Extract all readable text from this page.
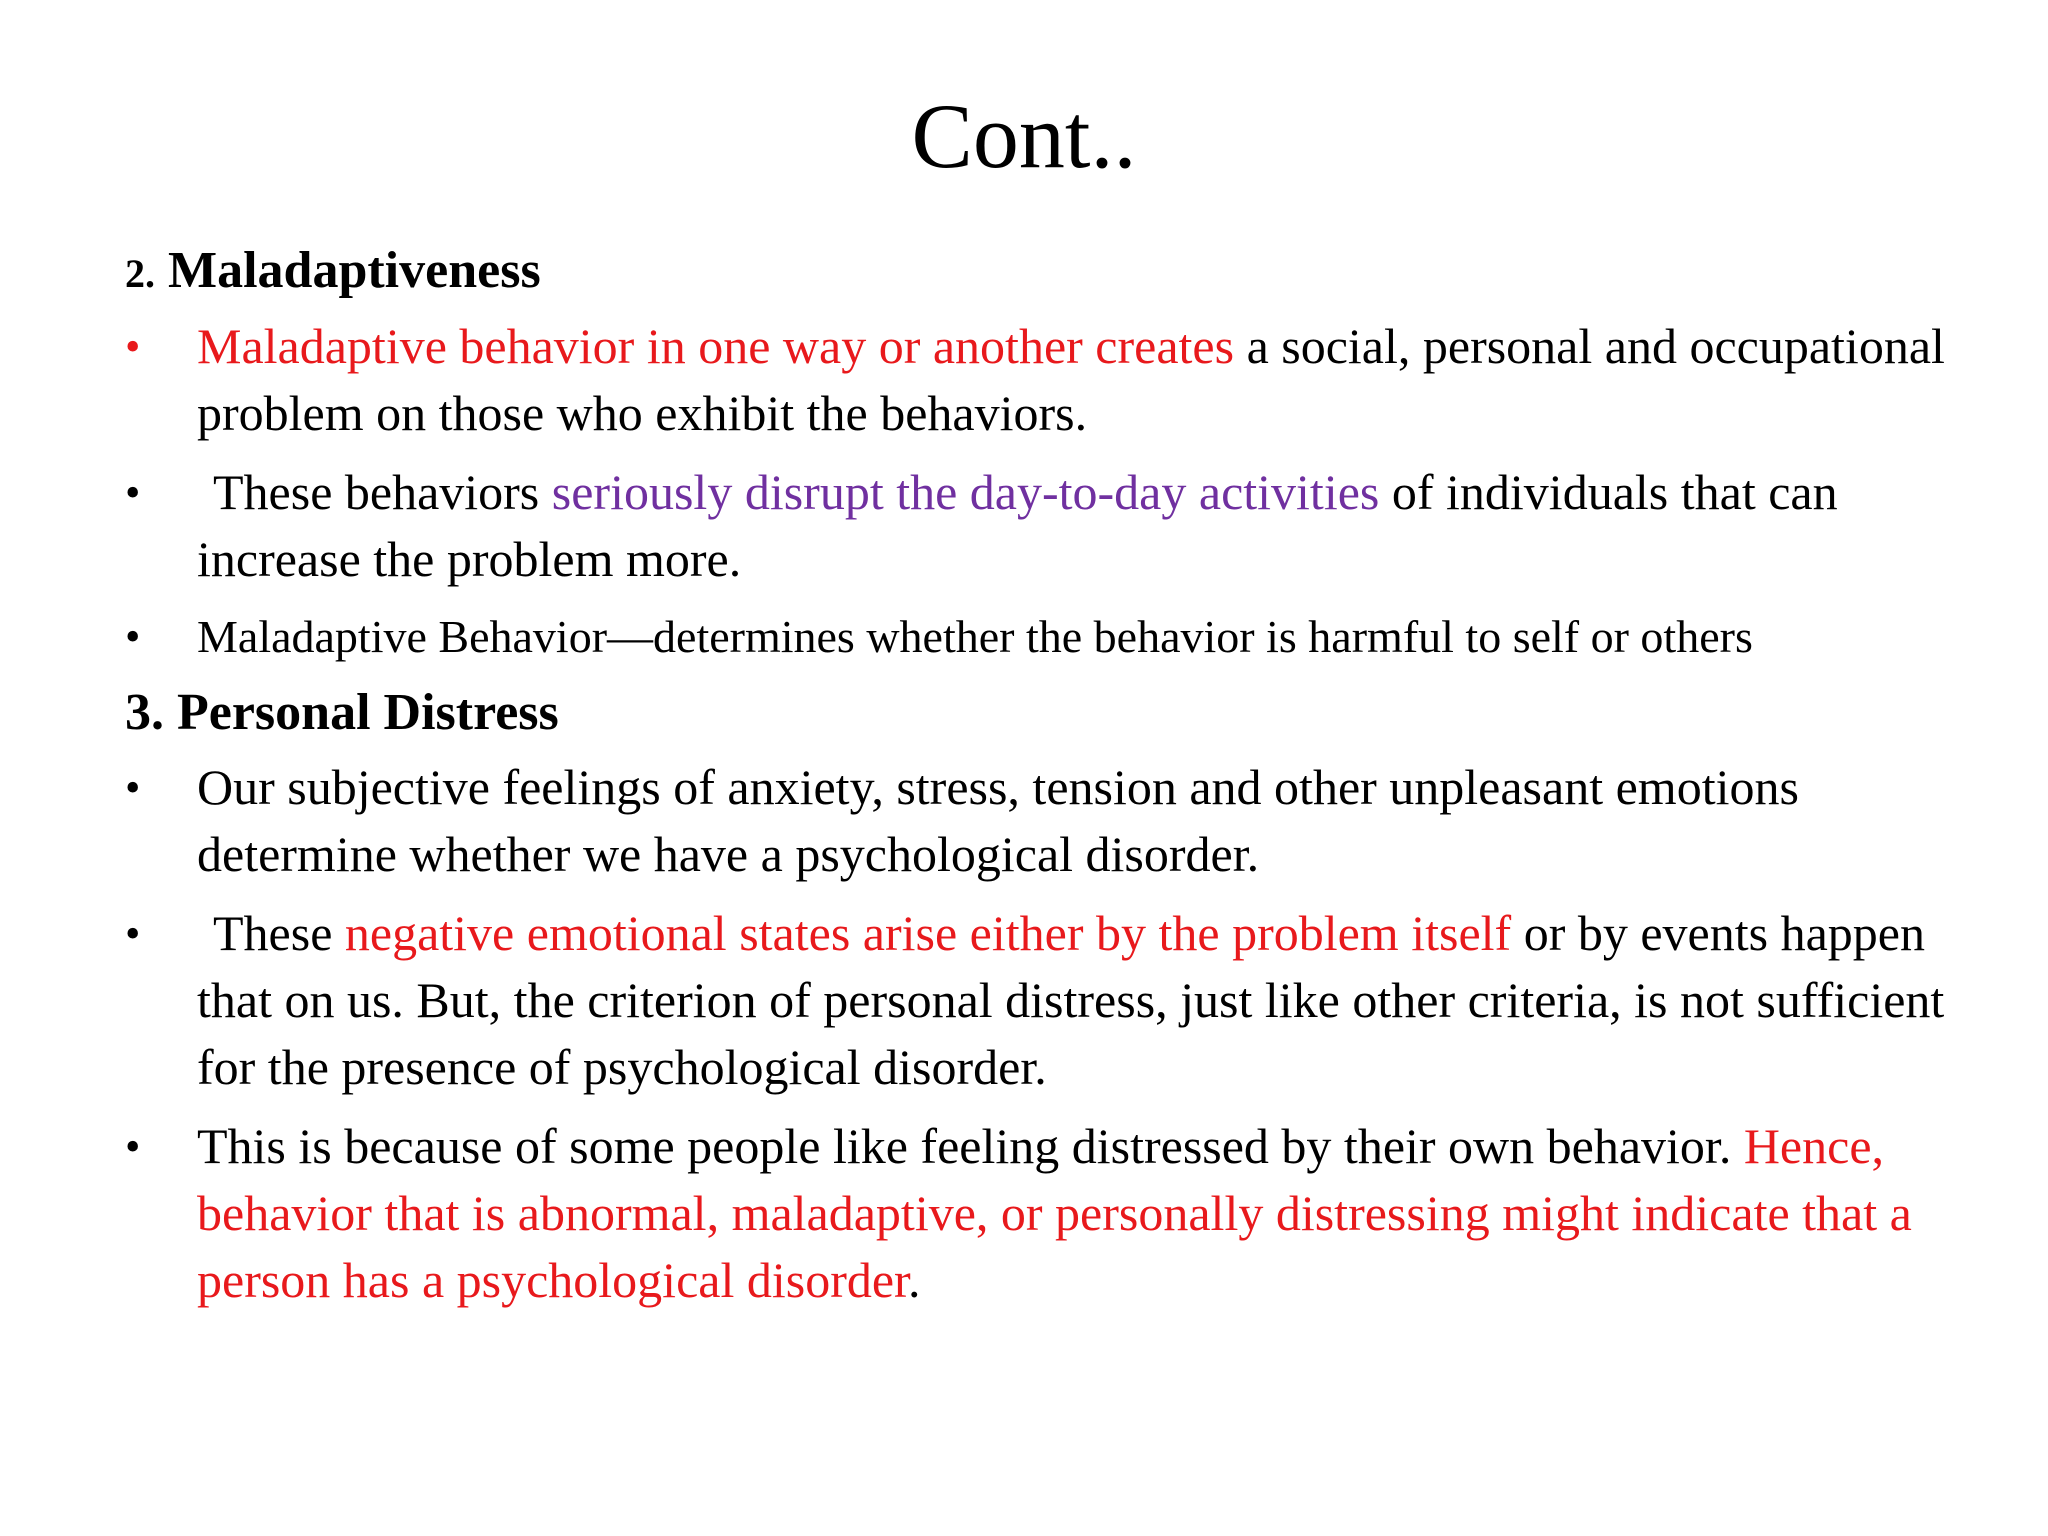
Cont..

2. Maladaptiveness

•	Maladaptive behavior in one way or another creates a social, personal and occupational problem on those who exhibit the behaviors.
•	These behaviors seriously disrupt the day-to-day activities of individuals that can increase the problem more.
•	Maladaptive Behavior—determines whether the behavior is harmful to self or others

3. Personal Distress

•	Our subjective feelings of anxiety, stress, tension and other unpleasant emotions determine whether we have a psychological disorder.
•	These negative emotional states arise either by the problem itself or by events happen that on us. But, the criterion of personal distress, just like other criteria, is not sufficient for the presence of psychological disorder.
•	This is because of some people like feeling distressed by their own behavior. Hence, behavior that is abnormal, maladaptive, or personally distressing might indicate that a person has a psychological disorder.
